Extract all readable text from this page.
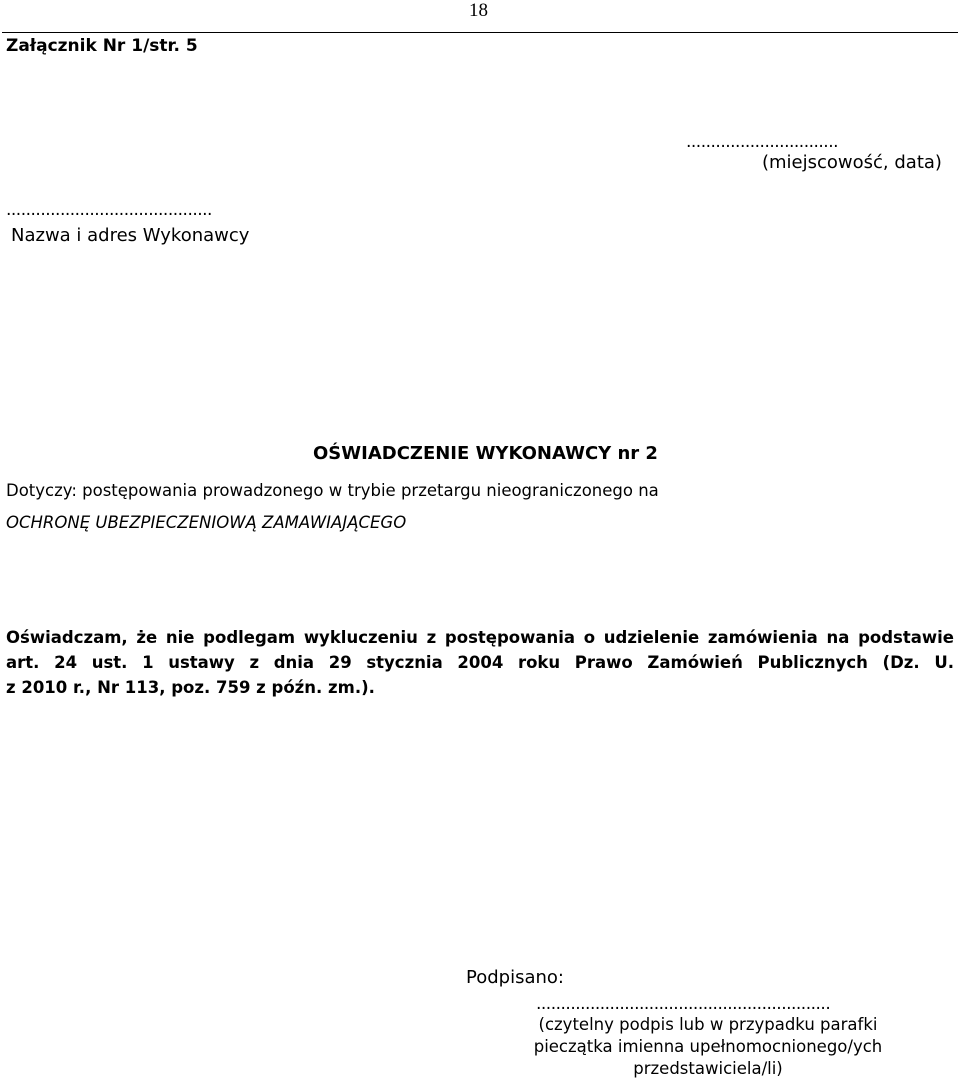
18
Załącznik Nr 1/str. 5
...............................
(miejscowość, data)
..........................................
Nazwa i adres Wykonawcy
OŚWIADCZENIE WYKONAWCY nr 2
Dotyczy: postępowania prowadzonego w trybie przetargu nieograniczonego na
OCHRONĘ UBEZPIECZENIOWĄ ZAMAWIAJĄCEGO
Oświadczam, że nie podlegam wykluczeniu z postępowania o udzielenie zamówienia na podstawie
art. 24 ust. 1 ustawy z dnia 29 stycznia 2004 roku Prawo Zamówień Publicznych (Dz. U.
z 2010 r., Nr 113, poz. 759 z późn. zm.).
Podpisano:
............................................................
(czytelny podpis lub w przypadku parafki
pieczątka imienna upełnomocnionego/ych
przedstawiciela/li)
